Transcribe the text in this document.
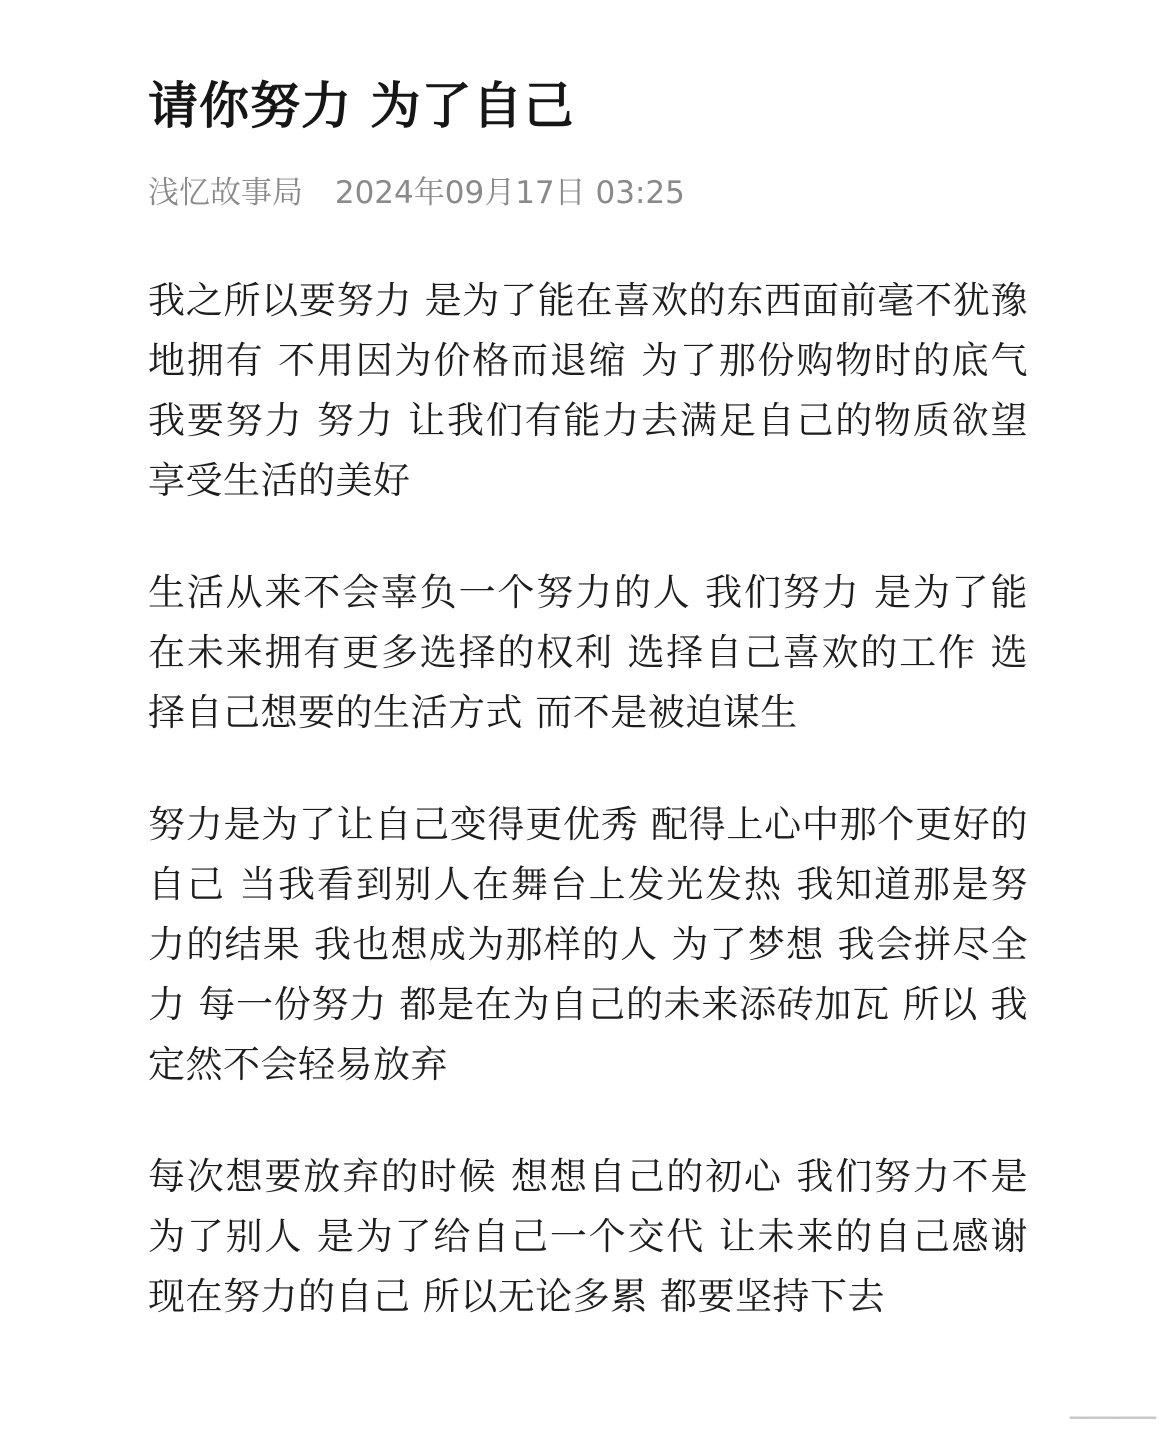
请你努力 为了自己
浅忆故事局 2024年09月17日 03:25

我之所以要努力 是为了能在喜欢的东西面前毫不犹豫地拥有 不用因为价格而退缩 为了那份购物时的底气 我要努力 努力 让我们有能力去满足自己的物质欲望 享受生活的美好

生活从来不会辜负一个努力的人 我们努力 是为了能在未来拥有更多选择的权利 选择自己喜欢的工作 选择自己想要的生活方式 而不是被迫谋生

努力是为了让自己变得更优秀 配得上心中那个更好的自己 当我看到别人在舞台上发光发热 我知道那是努力的结果 我也想成为那样的人 为了梦想 我会拼尽全力 每一份努力 都是在为自己的未来添砖加瓦 所以 我定然不会轻易放弃

每次想要放弃的时候 想想自己的初心 我们努力不是为了别人 是为了给自己一个交代 让未来的自己感谢现在努力的自己 所以无论多累 都要坚持下去

▁▁▁▁▁▁▁
